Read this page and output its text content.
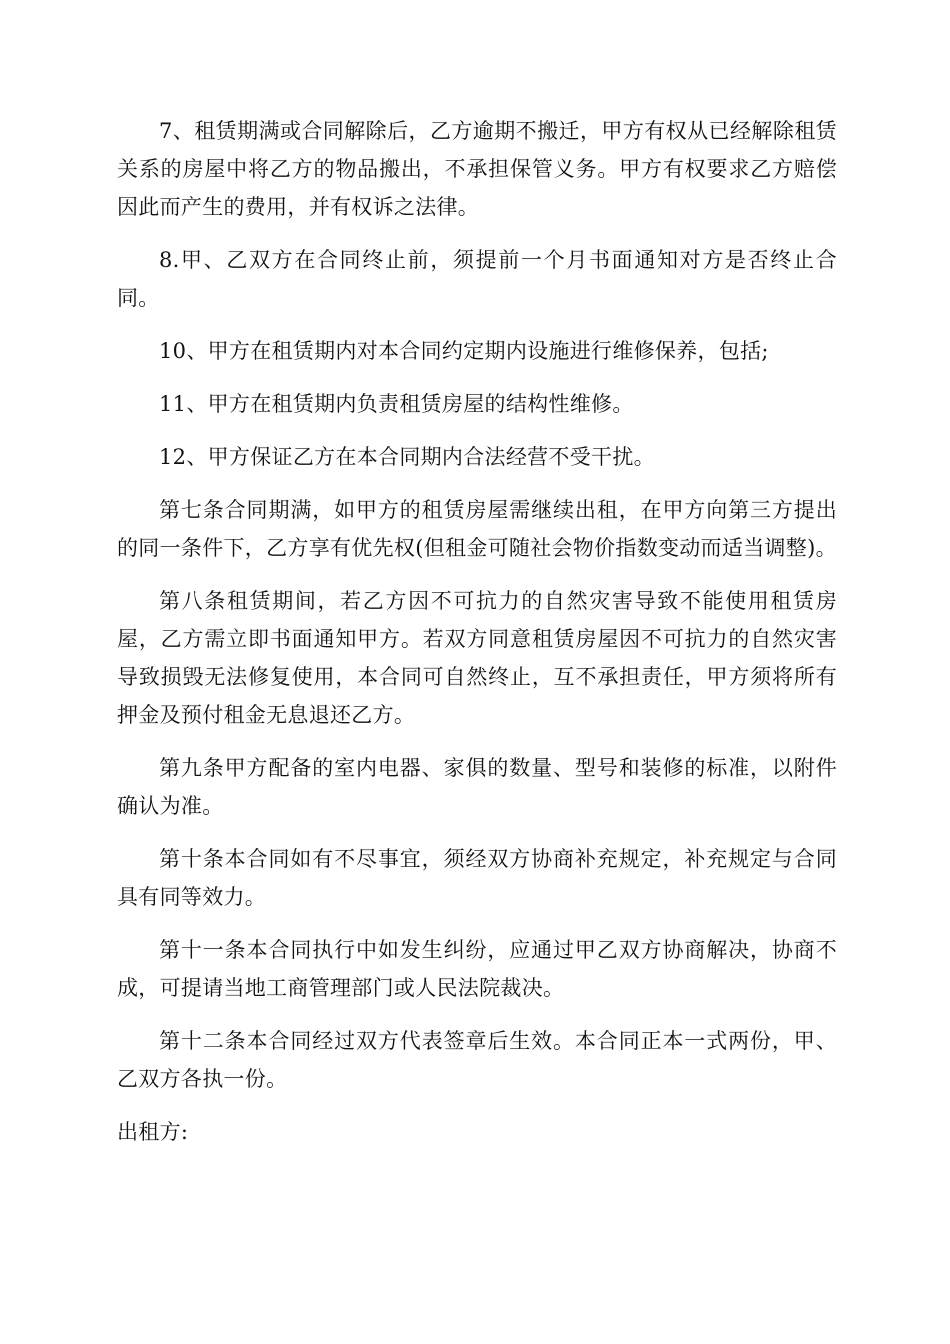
7、租赁期满或合同解除后，乙方逾期不搬迁，甲方有权从已经解除租赁关系的房屋中将乙方的物品搬出，不承担保管义务。甲方有权要求乙方赔偿因此而产生的费用，并有权诉之法律。

8.甲、乙双方在合同终止前，须提前一个月书面通知对方是否终止合同。

10、甲方在租赁期内对本合同约定期内设施进行维修保养，包括;

11、甲方在租赁期内负责租赁房屋的结构性维修。

12、甲方保证乙方在本合同期内合法经营不受干扰。

第七条合同期满，如甲方的租赁房屋需继续出租，在甲方向第三方提出的同一条件下，乙方享有优先权(但租金可随社会物价指数变动而适当调整)。

第八条租赁期间，若乙方因不可抗力的自然灾害导致不能使用租赁房屋，乙方需立即书面通知甲方。若双方同意租赁房屋因不可抗力的自然灾害导致损毁无法修复使用，本合同可自然终止，互不承担责任，甲方须将所有押金及预付租金无息退还乙方。

第九条甲方配备的室内电器、家俱的数量、型号和装修的标准，以附件确认为准。

第十条本合同如有不尽事宜，须经双方协商补充规定，补充规定与合同具有同等效力。

第十一条本合同执行中如发生纠纷，应通过甲乙双方协商解决，协商不成，可提请当地工商管理部门或人民法院裁决。

第十二条本合同经过双方代表签章后生效。本合同正本一式两份，甲、乙双方各执一份。

出租方:
